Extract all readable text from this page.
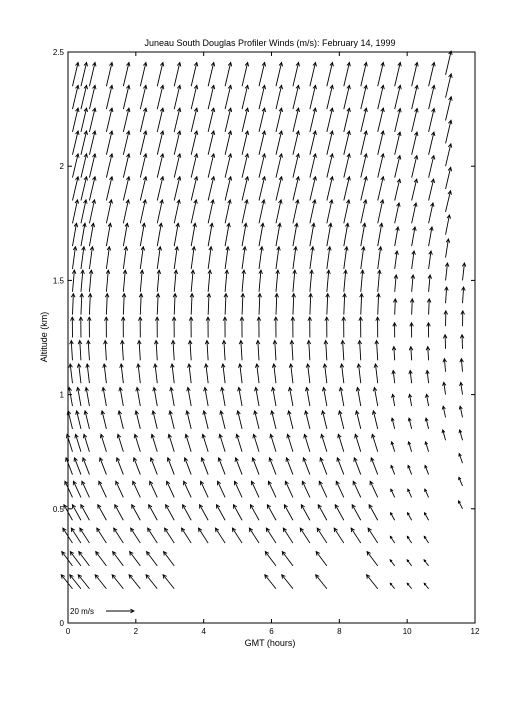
Juneau South Douglas Profiler Winds (m/s): February 14, 1999
0	2	4	6	8	10	12
0
0.5
1
1.5
2
2.5
GMT (hours)
Altitude (km)
20 m/s
